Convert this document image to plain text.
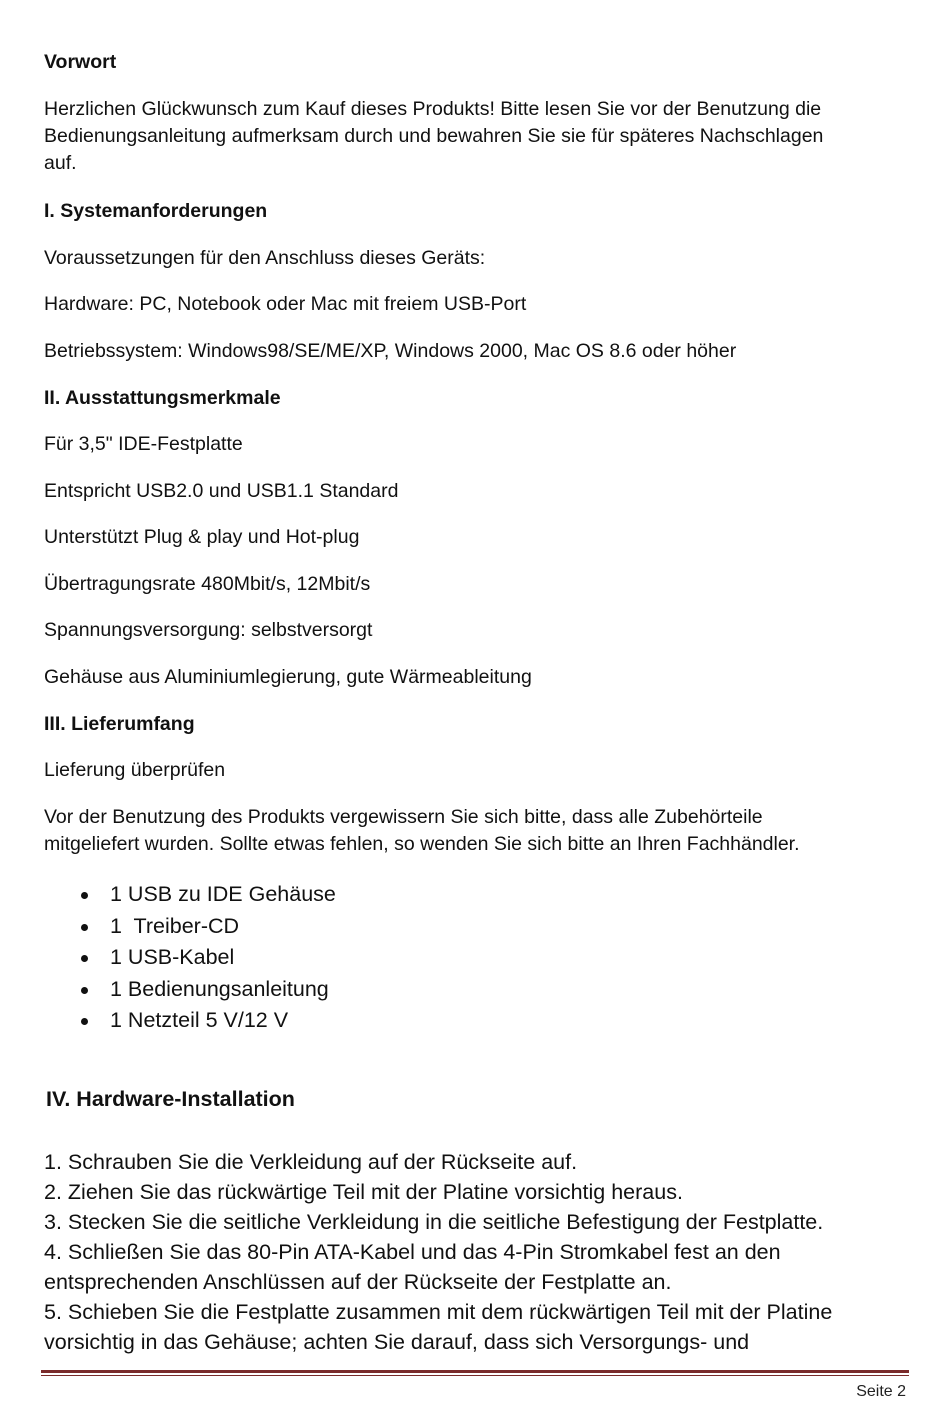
Vorwort

Herzlichen Glückwunsch zum Kauf dieses Produkts! Bitte lesen Sie vor der Benutzung die

Bedienungsanleitung aufmerksam durch und bewahren Sie sie für späteres Nachschlagen

auf.

I. Systemanforderungen

Voraussetzungen für den Anschluss dieses Geräts:

Hardware: PC, Notebook oder Mac mit freiem USB-Port

Betriebssystem: Windows98/SE/ME/XP, Windows 2000, Mac OS 8.6 oder höher

II. Ausstattungsmerkmale

Für 3,5" IDE-Festplatte

Entspricht USB2.0 und USB1.1 Standard

Unterstützt Plug & play und Hot-plug

Übertragungsrate 480Mbit/s, 12Mbit/s

Spannungsversorgung: selbstversorgt

Gehäuse aus Aluminiumlegierung, gute Wärmeableitung

III. Lieferumfang

Lieferung überprüfen

Vor der Benutzung des Produkts vergewissern Sie sich bitte, dass alle Zubehörteile

mitgeliefert wurden. Sollte etwas fehlen, so wenden Sie sich bitte an Ihren Fachhändler.

1 USB zu IDE Gehäuse
1  Treiber-CD
1 USB-Kabel
1 Bedienungsanleitung
1 Netzteil 5 V/12 V

IV. Hardware-Installation

1. Schrauben Sie die Verkleidung auf der Rückseite auf.
2. Ziehen Sie das rückwärtige Teil mit der Platine vorsichtig heraus.
3. Stecken Sie die seitliche Verkleidung in die seitliche Befestigung der Festplatte.
4. Schließen Sie das 80-Pin ATA-Kabel und das 4-Pin Stromkabel fest an den
entsprechenden Anschlüssen auf der Rückseite der Festplatte an.
5. Schieben Sie die Festplatte zusammen mit dem rückwärtigen Teil mit der Platine
vorsichtig in das Gehäuse; achten Sie darauf, dass sich Versorgungs- und
Seite 2
